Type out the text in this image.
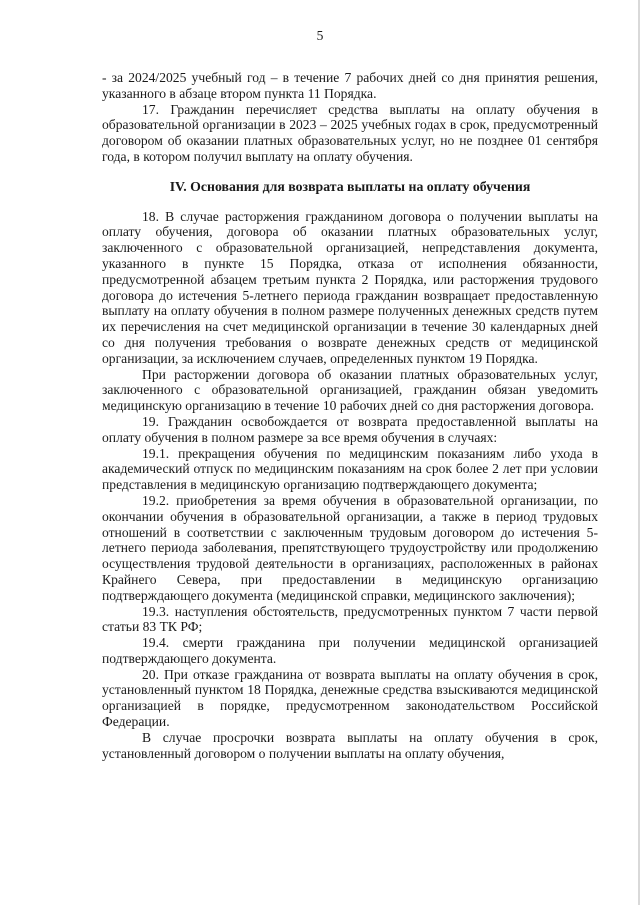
5

- за 2024/2025 учебный год – в течение 7 рабочих дней со дня принятия решения, указанного в абзаце втором пункта 11 Порядка.

17. Гражданин перечисляет средства выплаты на оплату обучения в образовательной организации в 2023 – 2025 учебных годах в срок, предусмотренный договором об оказании платных образовательных услуг, но не позднее 01 сентября года, в котором получил выплату на оплату обучения.

IV. Основания для возврата выплаты на оплату обучения

18. В случае расторжения гражданином договора о получении выплаты на оплату обучения, договора об оказании платных образовательных услуг, заключенного с образовательной организацией, непредставления документа, указанного в пункте 15 Порядка, отказа от исполнения обязанности, предусмотренной абзацем третьим пункта 2 Порядка, или расторжения трудового договора до истечения 5-летнего периода гражданин возвращает предоставленную выплату на оплату обучения в полном размере полученных денежных средств путем их перечисления на счет медицинской организации в течение 30 календарных дней со дня получения требования о возврате денежных средств от медицинской организации, за исключением случаев, определенных пунктом 19 Порядка.

При расторжении договора об оказании платных образовательных услуг, заключенного с образовательной организацией, гражданин обязан уведомить медицинскую организацию в течение 10 рабочих дней со дня расторжения договора.

19. Гражданин освобождается от возврата предоставленной выплаты на оплату обучения в полном размере за все время обучения в случаях:

19.1. прекращения обучения по медицинским показаниям либо ухода в академический отпуск по медицинским показаниям на срок более 2 лет при условии представления в медицинскую организацию подтверждающего документа;

19.2. приобретения за время обучения в образовательной организации, по окончании обучения в образовательной организации, а также в период трудовых отношений в соответствии с заключенным трудовым договором до истечения 5-летнего периода заболевания, препятствующего трудоустройству или продолжению осуществления трудовой деятельности в организациях, расположенных в районах Крайнего Севера, при предоставлении в медицинскую организацию подтверждающего документа (медицинской справки, медицинского заключения);

19.3. наступления обстоятельств, предусмотренных пунктом 7 части первой статьи 83 ТК РФ;

19.4. смерти гражданина при получении медицинской организацией подтверждающего документа.

20. При отказе гражданина от возврата выплаты на оплату обучения в срок, установленный пунктом 18 Порядка, денежные средства взыскиваются медицинской организацией в порядке, предусмотренном законодательством Российской Федерации.

В случае просрочки возврата выплаты на оплату обучения в срок, установленный договором о получении выплаты на оплату обучения,
